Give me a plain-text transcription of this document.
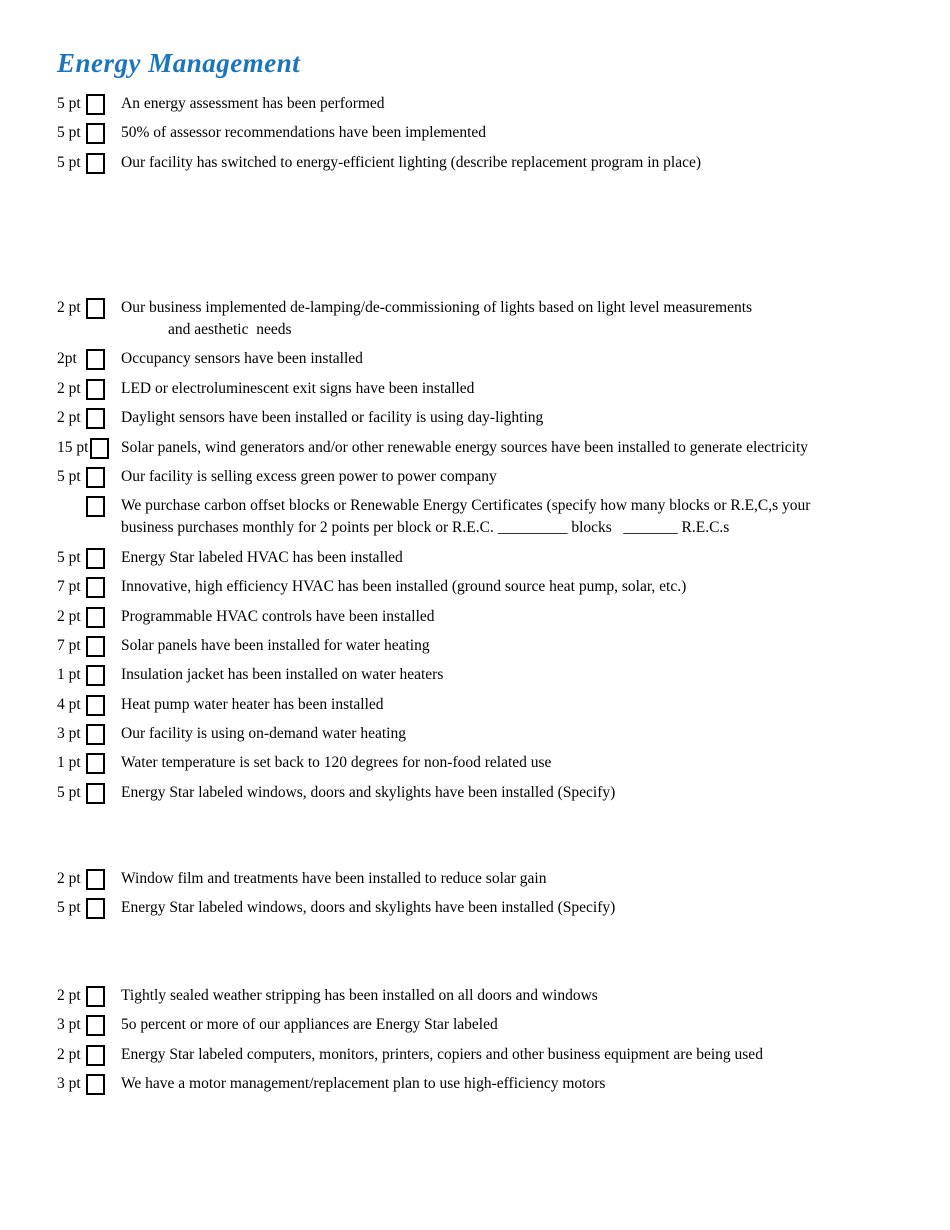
Energy Management
5 pt	An energy assessment has been performed
5 pt	50% of assessor recommendations have been implemented
5 pt	Our facility has switched to energy-efficient lighting (describe replacement program in place)
2 pt	Our business implemented de-lamping/de-commissioning of lights based on light level measurements
and aesthetic  needs
2pt	Occupancy sensors have been installed
2 pt	LED or electroluminescent exit signs have been installed
2 pt	Daylight sensors have been installed or facility is using day-lighting
15 pt Solar panels, wind generators and/or other renewable energy sources have been installed to generate electricity
5 pt	Our facility is selling excess green power to power company
We purchase carbon offset blocks or Renewable Energy Certificates (specify how many blocks or R.E,C,s your
business purchases monthly for 2 points per block or R.E.C. _________ blocks   _______ R.E.C.s
5 pt	Energy Star labeled HVAC has been installed
7 pt	Innovative, high efficiency HVAC has been installed (ground source heat pump, solar, etc.)
2 pt	Programmable HVAC controls have been installed
7 pt	Solar panels have been installed for water heating
1 pt	Insulation jacket has been installed on water heaters
4 pt	Heat pump water heater has been installed
3 pt	Our facility is using on-demand water heating
1 pt	Water temperature is set back to 120 degrees for non-food related use
5 pt	Energy Star labeled windows, doors and skylights have been installed (Specify)
2 pt	Window film and treatments have been installed to reduce solar gain
5 pt	Energy Star labeled windows, doors and skylights have been installed (Specify)
2 pt	Tightly sealed weather stripping has been installed on all doors and windows
3 pt	5o percent or more of our appliances are Energy Star labeled
2 pt	Energy Star labeled computers, monitors, printers, copiers and other business equipment are being used
3 pt	We have a motor management/replacement plan to use high-efficiency motors
